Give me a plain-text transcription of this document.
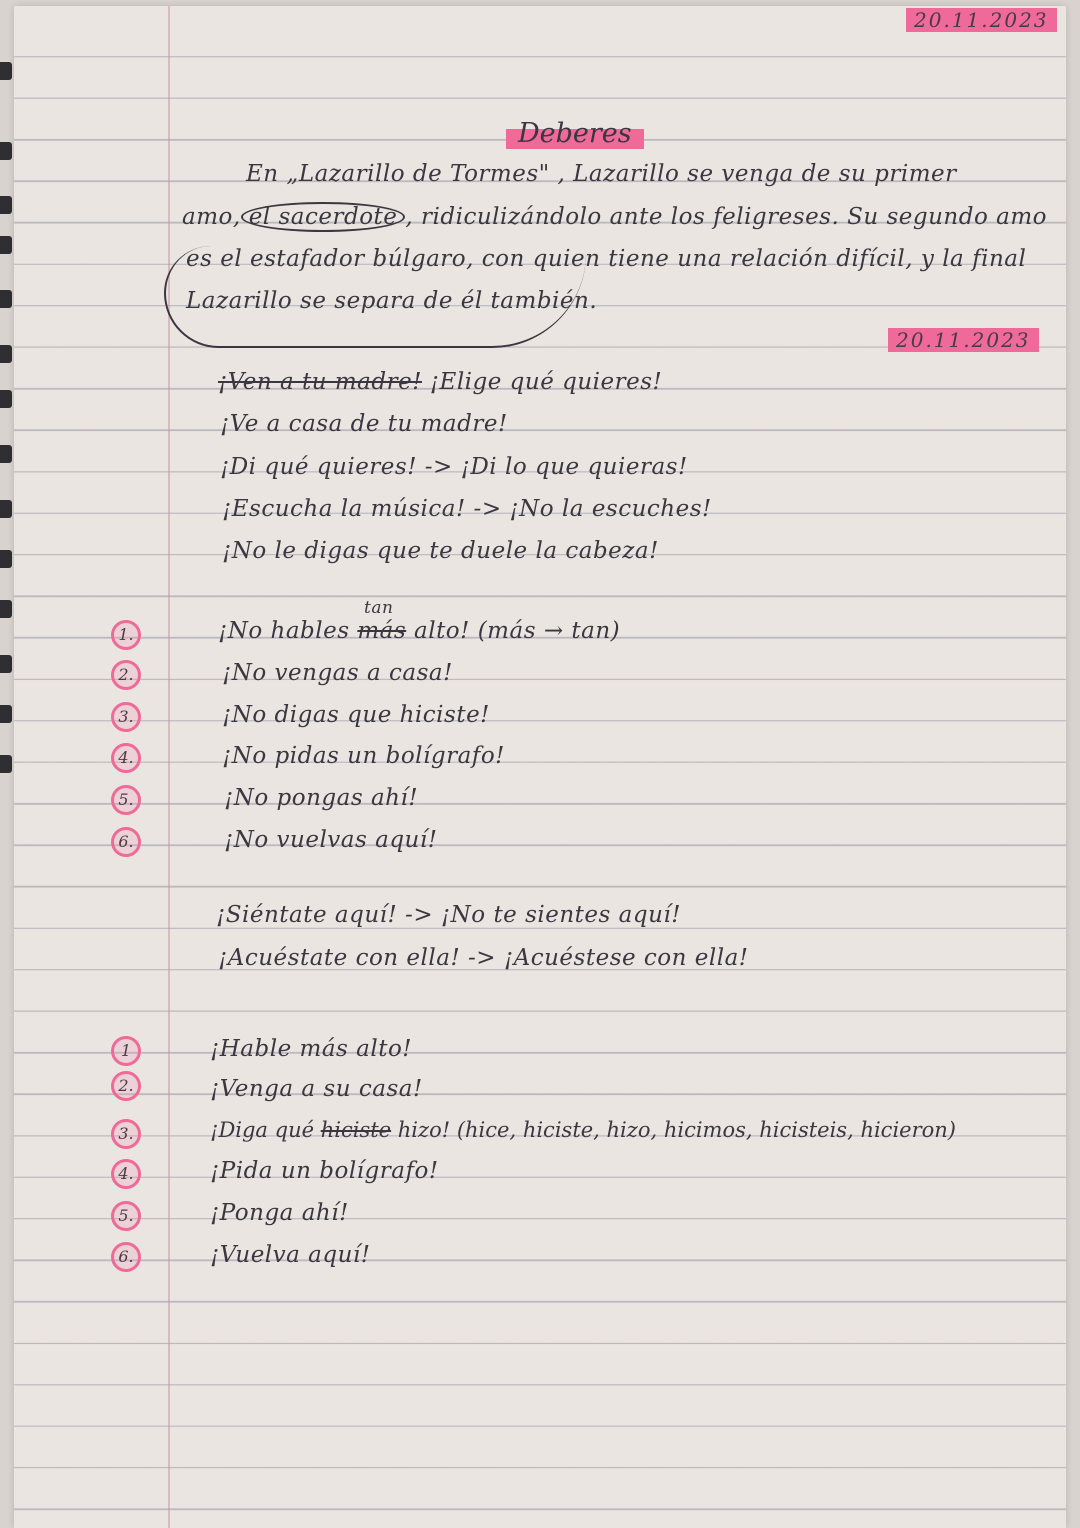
20.11.2023
Deberes
En „Lazarillo de Tormes" , Lazarillo se venga de su primer
amo, el sacerdote , ridiculizándolo ante los feligreses. Su segundo amo
es el estafador búlgaro, con quien tiene una relación difícil, y la final
Lazarillo se separa de él también.
20.11.2023
¡Ven a tu madre! ¡Elige qué quieres!
¡Ve a casa de tu madre!
¡Di qué quieres! -> ¡Di lo que quieras!
¡Escucha la música! -> ¡No la escuches!
¡No le digas que te duele la cabeza!
tan
1.	¡No hables más alto! (más → tan)
2.	¡No vengas a casa!
3.	¡No digas que hiciste!
4.	¡No pidas un bolígrafo!
5.	¡No pongas ahí!
6.	¡No vuelvas aquí!
¡Siéntate aquí! -> ¡No te sientes aquí!
¡Acuéstate con ella! -> ¡Acuéstese con ella!
1	¡Hable más alto!
2.	¡Venga a su casa!
3.	¡Diga qué hiciste hizo! (hice, hiciste, hizo, hicimos, hicisteis, hicieron)
4.	¡Pida un bolígrafo!
5.	¡Ponga ahí!
6.	¡Vuelva aquí!
